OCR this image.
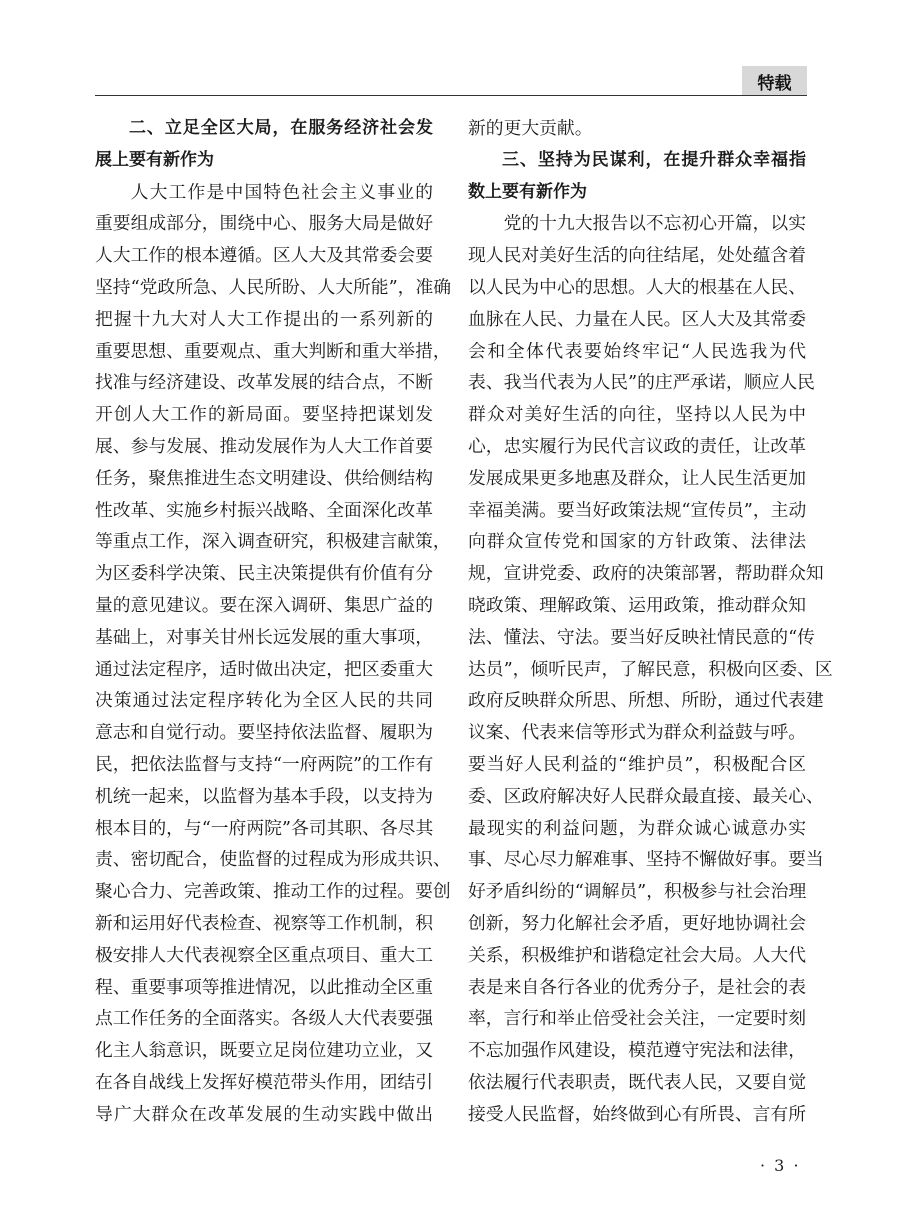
特载

二、立足全区大局，在服务经济社会发
展上要有新作为

人大工作是中国特色社会主义事业的
重要组成部分，围绕中心、服务大局是做好
人大工作的根本遵循。区人大及其常委会要
坚持“党政所急、人民所盼、人大所能”，准确
把握十九大对人大工作提出的一系列新的
重要思想、重要观点、重大判断和重大举措，
找准与经济建设、改革发展的结合点，不断
开创人大工作的新局面。要坚持把谋划发
展、参与发展、推动发展作为人大工作首要
任务，聚焦推进生态文明建设、供给侧结构
性改革、实施乡村振兴战略、全面深化改革
等重点工作，深入调查研究，积极建言献策，
为区委科学决策、民主决策提供有价值有分
量的意见建议。要在深入调研、集思广益的
基础上，对事关甘州长远发展的重大事项，
通过法定程序，适时做出决定，把区委重大
决策通过法定程序转化为全区人民的共同
意志和自觉行动。要坚持依法监督、履职为
民，把依法监督与支持“一府两院”的工作有
机统一起来，以监督为基本手段，以支持为
根本目的，与“一府两院”各司其职、各尽其
责、密切配合，使监督的过程成为形成共识、
聚心合力、完善政策、推动工作的过程。要创
新和运用好代表检查、视察等工作机制，积
极安排人大代表视察全区重点项目、重大工
程、重要事项等推进情况，以此推动全区重
点工作任务的全面落实。各级人大代表要强
化主人翁意识，既要立足岗位建功立业，又
在各自战线上发挥好模范带头作用，团结引
导广大群众在改革发展的生动实践中做出

新的更大贡献。

三、坚持为民谋利，在提升群众幸福指
数上要有新作为

党的十九大报告以不忘初心开篇，以实
现人民对美好生活的向往结尾，处处蕴含着
以人民为中心的思想。人大的根基在人民、
血脉在人民、力量在人民。区人大及其常委
会和全体代表要始终牢记“人民选我为代
表、我当代表为人民”的庄严承诺，顺应人民
群众对美好生活的向往，坚持以人民为中
心，忠实履行为民代言议政的责任，让改革
发展成果更多地惠及群众，让人民生活更加
幸福美满。要当好政策法规“宣传员”，主动
向群众宣传党和国家的方针政策、法律法
规，宣讲党委、政府的决策部署，帮助群众知
晓政策、理解政策、运用政策，推动群众知
法、懂法、守法。要当好反映社情民意的“传
达员”，倾听民声，了解民意，积极向区委、区
政府反映群众所思、所想、所盼，通过代表建
议案、代表来信等形式为群众利益鼓与呼。
要当好人民利益的“维护员”，积极配合区
委、区政府解决好人民群众最直接、最关心、
最现实的利益问题，为群众诚心诚意办实
事、尽心尽力解难事、坚持不懈做好事。要当
好矛盾纠纷的“调解员”，积极参与社会治理
创新，努力化解社会矛盾，更好地协调社会
关系，积极维护和谐稳定社会大局。人大代
表是来自各行各业的优秀分子，是社会的表
率，言行和举止倍受社会关注，一定要时刻
不忘加强作风建设，模范遵守宪法和法律，
依法履行代表职责，既代表人民，又要自觉
接受人民监督，始终做到心有所畏、言有所

· 3 ·
